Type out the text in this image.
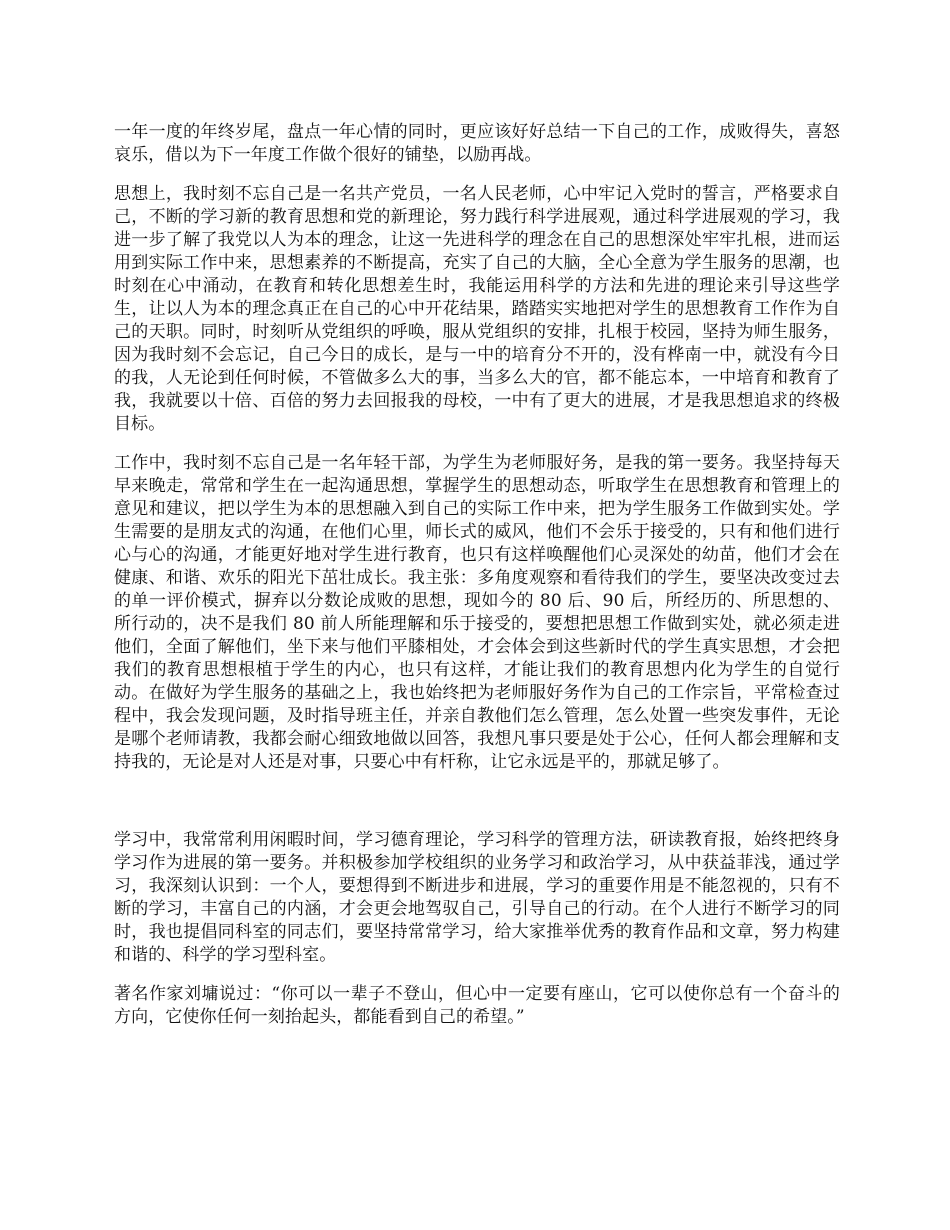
一年一度的年终岁尾，盘点一年心情的同时，更应该好好总结一下自己的工作，成败得失，喜怒哀乐，借以为下一年度工作做个很好的铺垫，以励再战。

思想上，我时刻不忘自己是一名共产党员，一名人民老师，心中牢记入党时的誓言，严格要求自己，不断的学习新的教育思想和党的新理论，努力践行科学进展观，通过科学进展观的学习，我进一步了解了我党以人为本的理念，让这一先进科学的理念在自己的思想深处牢牢扎根，进而运用到实际工作中来，思想素养的不断提高，充实了自己的大脑，全心全意为学生服务的思潮，也时刻在心中涌动，在教育和转化思想差生时，我能运用科学的方法和先进的理论来引导这些学生，让以人为本的理念真正在自己的心中开花结果，踏踏实实地把对学生的思想教育工作作为自己的天职。同时，时刻听从党组织的呼唤，服从党组织的安排，扎根于校园，坚持为师生服务，因为我时刻不会忘记，自己今日的成长，是与一中的培育分不开的，没有桦南一中，就没有今日的我，人无论到任何时候，不管做多么大的事，当多么大的官，都不能忘本，一中培育和教育了我，我就要以十倍、百倍的努力去回报我的母校，一中有了更大的进展，才是我思想追求的终极目标。

工作中，我时刻不忘自己是一名年轻干部，为学生为老师服好务，是我的第一要务。我坚持每天早来晚走，常常和学生在一起沟通思想，掌握学生的思想动态，听取学生在思想教育和管理上的意见和建议，把以学生为本的思想融入到自己的实际工作中来，把为学生服务工作做到实处。学生需要的是朋友式的沟通，在他们心里，师长式的威风，他们不会乐于接受的，只有和他们进行心与心的沟通，才能更好地对学生进行教育，也只有这样唤醒他们心灵深处的幼苗，他们才会在健康、和谐、欢乐的阳光下茁壮成长。我主张：多角度观察和看待我们的学生，要坚决改变过去的单一评价模式，摒弃以分数论成败的思想，现如今的 80 后、90 后，所经历的、所思想的、所行动的，决不是我们 80 前人所能理解和乐于接受的，要想把思想工作做到实处，就必须走进他们，全面了解他们，坐下来与他们平膝相处，才会体会到这些新时代的学生真实思想，才会把我们的教育思想根植于学生的内心，也只有这样，才能让我们的教育思想内化为学生的自觉行动。在做好为学生服务的基础之上，我也始终把为老师服好务作为自己的工作宗旨，平常检查过程中，我会发现问题，及时指导班主任，并亲自教他们怎么管理，怎么处置一些突发事件，无论是哪个老师请教，我都会耐心细致地做以回答，我想凡事只要是处于公心，任何人都会理解和支持我的，无论是对人还是对事，只要心中有杆称，让它永远是平的，那就足够了。

学习中，我常常利用闲暇时间，学习德育理论，学习科学的管理方法，研读教育报，始终把终身学习作为进展的第一要务。并积极参加学校组织的业务学习和政治学习，从中获益菲浅，通过学习，我深刻认识到：一个人，要想得到不断进步和进展，学习的重要作用是不能忽视的，只有不断的学习，丰富自己的内涵，才会更会地驾驭自己，引导自己的行动。在个人进行不断学习的同时，我也提倡同科室的同志们，要坚持常常学习，给大家推举优秀的教育作品和文章，努力构建和谐的、科学的学习型科室。

著名作家刘墉说过：“你可以一辈子不登山，但心中一定要有座山，它可以使你总有一个奋斗的方向，它使你任何一刻抬起头，都能看到自己的希望。”
